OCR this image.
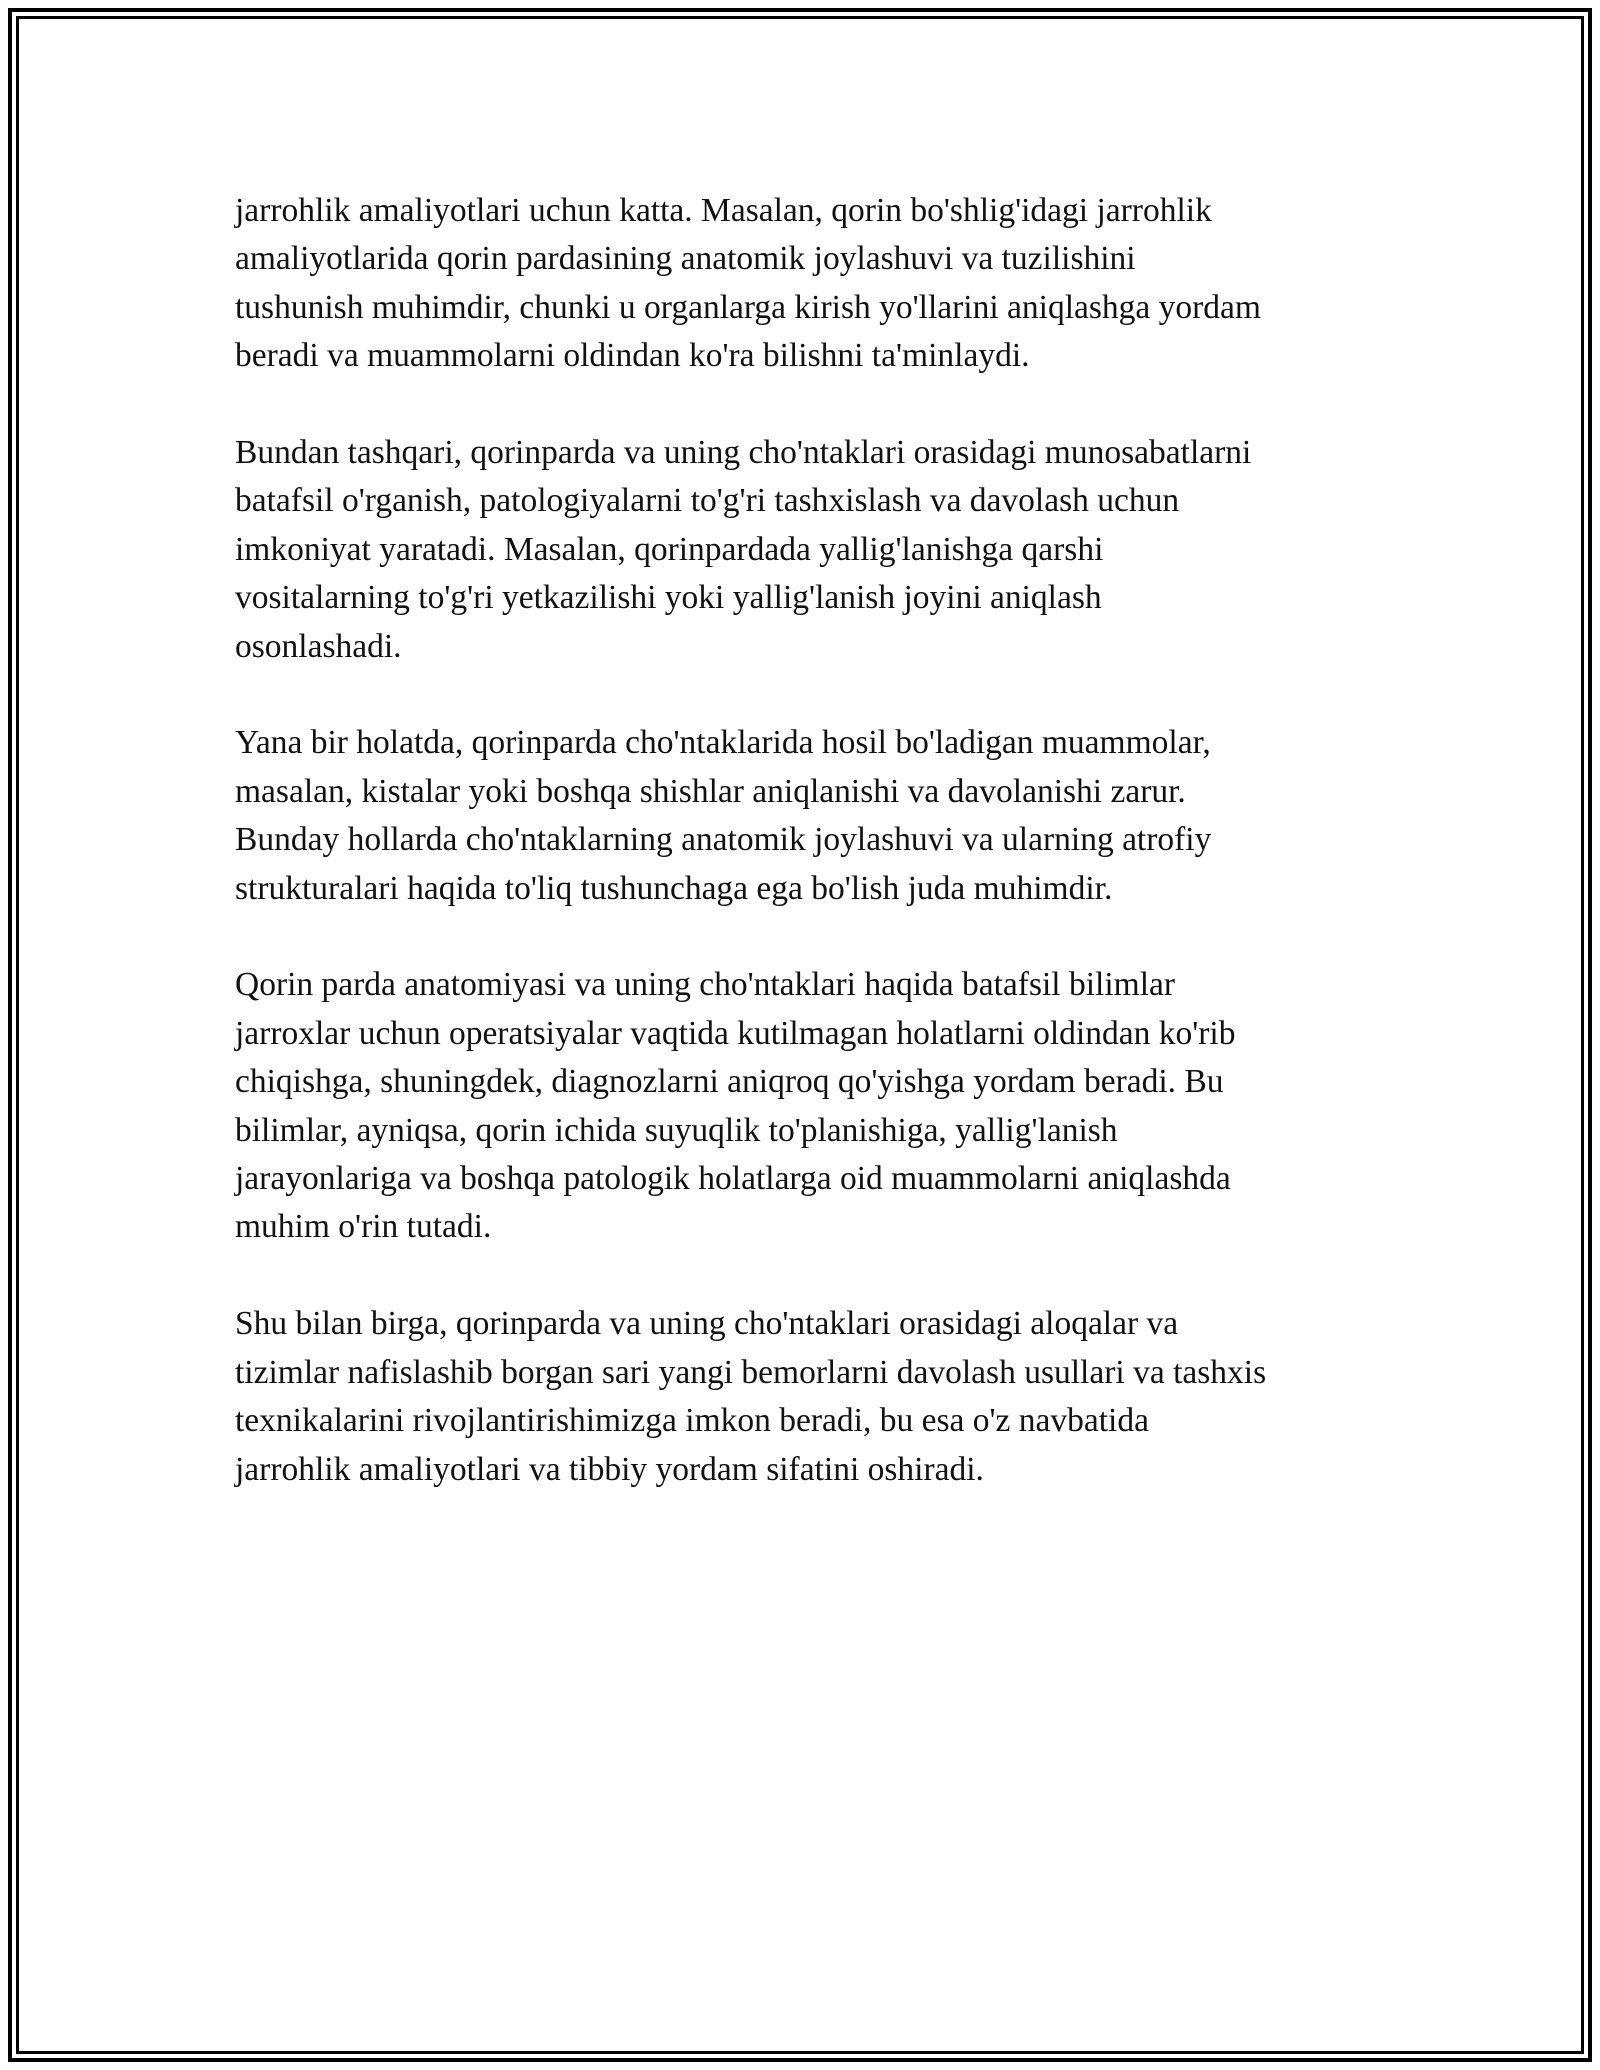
jarrohlik amaliyotlari uchun katta. Masalan, qorin bo'shlig'idagi jarrohlik
amaliyotlarida qorin pardasining anatomik joylashuvi va tuzilishini
tushunish muhimdir, chunki u organlarga kirish yo'llarini aniqlashga yordam
beradi va muammolarni oldindan ko'ra bilishni ta'minlaydi.

Bundan tashqari, qorinparda va uning cho'ntaklari orasidagi munosabatlarni
batafsil o'rganish, patologiyalarni to'g'ri tashxislash va davolash uchun
imkoniyat yaratadi. Masalan, qorinpardada yallig'lanishga qarshi
vositalarning to'g'ri yetkazilishi yoki yallig'lanish joyini aniqlash
osonlashadi.

Yana bir holatda, qorinparda cho'ntaklarida hosil bo'ladigan muammolar,
masalan, kistalar yoki boshqa shishlar aniqlanishi va davolanishi zarur.
Bunday hollarda cho'ntaklarning anatomik joylashuvi va ularning atrofiy
strukturalari haqida to'liq tushunchaga ega bo'lish juda muhimdir.

Qorin parda anatomiyasi va uning cho'ntaklari haqida batafsil bilimlar
jarroxlar uchun operatsiyalar vaqtida kutilmagan holatlarni oldindan ko'rib
chiqishga, shuningdek, diagnozlarni aniqroq qo'yishga yordam beradi. Bu
bilimlar, ayniqsa, qorin ichida suyuqlik to'planishiga, yallig'lanish
jarayonlariga va boshqa patologik holatlarga oid muammolarni aniqlashda
muhim o'rin tutadi.

Shu bilan birga, qorinparda va uning cho'ntaklari orasidagi aloqalar va
tizimlar nafislashib borgan sari yangi bemorlarni davolash usullari va tashxis
texnikalarini rivojlantirishimizga imkon beradi, bu esa o'z navbatida
jarrohlik amaliyotlari va tibbiy yordam sifatini oshiradi.
